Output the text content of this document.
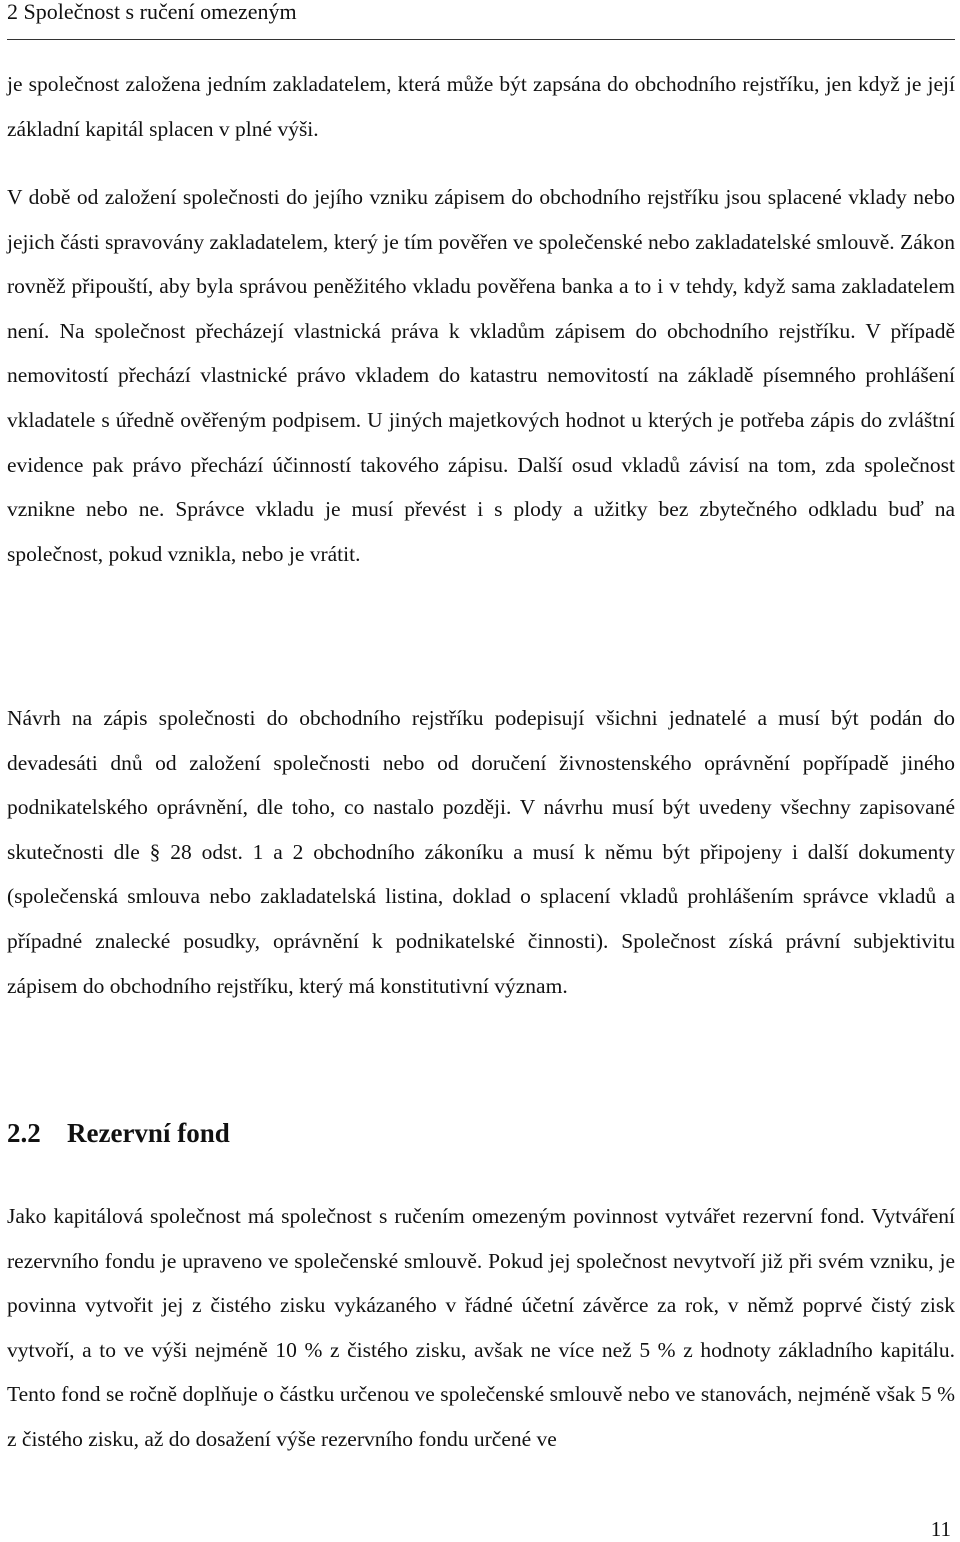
2 Společnost s ručení omezeným

je společnost založena jedním zakladatelem, která může být zapsána do obchodního rejstříku, jen když je její základní kapitál splacen v plné výši.

V době od založení společnosti do jejího vzniku zápisem do obchodního rejstříku jsou splacené vklady nebo jejich části spravovány zakladatelem, který je tím pověřen ve společenské nebo zakladatelské smlouvě. Zákon rovněž připouští, aby byla správou peněžitého vkladu pověřena banka a to i v tehdy, když sama zakladatelem není. Na společnost přecházejí vlastnická práva k vkladům zápisem do obchodního rejstříku. V případě nemovitostí přechází vlastnické právo vkladem do katastru nemovitostí na základě písemného prohlášení vkladatele s úředně ověřeným podpisem. U jiných majetkových hodnot u kterých je potřeba zápis do zvláštní evidence pak právo přechází účinností takového zápisu. Další osud vkladů závisí na tom, zda společnost vznikne nebo ne. Správce vkladu je musí převést i s plody a užitky bez zbytečného odkladu buď na společnost, pokud vznikla, nebo je vrátit.

Návrh na zápis společnosti do obchodního rejstříku podepisují všichni jednatelé a musí být podán do devadesáti dnů od založení společnosti nebo od doručení živnostenského oprávnění popřípadě jiného podnikatelského oprávnění, dle toho, co nastalo později. V návrhu musí být uvedeny všechny zapisované skutečnosti dle § 28 odst. 1 a 2 obchodního zákoníku a musí k němu být připojeny i další dokumenty (společenská smlouva nebo zakladatelská listina, doklad o splacení vkladů prohlášením správce vkladů a případné znalecké posudky, oprávnění k podnikatelské činnosti). Společnost získá právní subjektivitu zápisem do obchodního rejstříku, který má konstitutivní význam.

2.2 Rezervní fond

Jako kapitálová společnost má společnost s ručením omezeným povinnost vytvářet rezervní fond. Vytváření rezervního fondu je upraveno ve společenské smlouvě. Pokud jej společnost nevytvoří již při svém vzniku, je povinna vytvořit jej z čistého zisku vykázaného v řádné účetní závěrce za rok, v němž poprvé čistý zisk vytvoří, a to ve výši nejméně 10 % z čistého zisku, avšak ne více než 5 % z hodnoty základního kapitálu. Tento fond se ročně doplňuje o částku určenou ve společenské smlouvě nebo ve stanovách, nejméně však 5 % z čistého zisku, až do dosažení výše rezervního fondu určené ve

11
